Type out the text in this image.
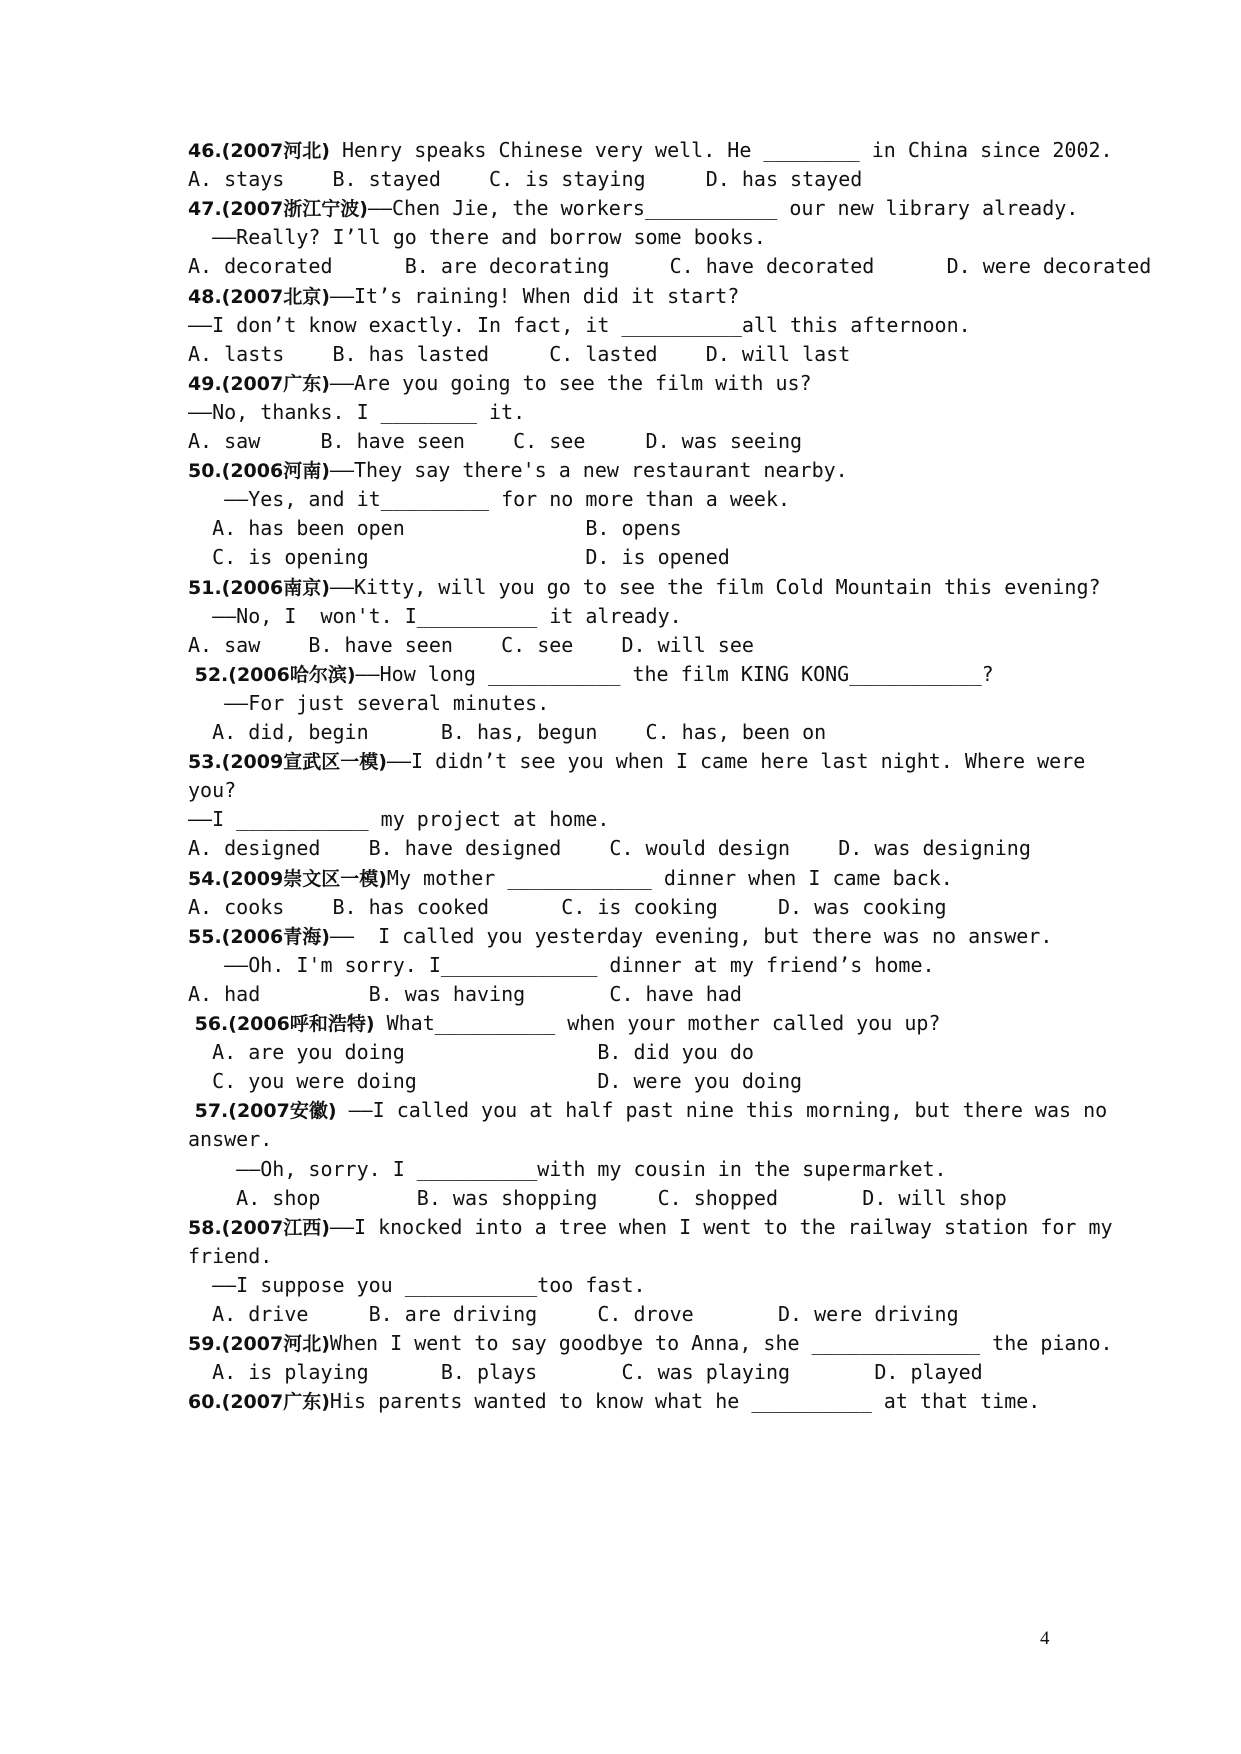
46.(2007河北) Henry speaks Chinese very well. He ________ in China since 2002.
A. stays    B. stayed    C. is staying     D. has stayed
47.(2007浙江宁波)——Chen Jie, the workers___________ our new library already.
——Really? I’ll go there and borrow some books.
A. decorated      B. are decorating     C. have decorated      D. were decorated
48.(2007北京)——It’s raining! When did it start?
——I don’t know exactly. In fact, it __________all this afternoon.
A. lasts    B. has lasted     C. lasted    D. will last
49.(2007广东)——Are you going to see the film with us?
——No, thanks. I ________ it.
A. saw     B. have seen    C. see     D. was seeing
50.(2006河南)——They say there's a new restaurant nearby.
——Yes, and it_________ for no more than a week.
A. has been open               B. opens
C. is opening                  D. is opened
51.(2006南京)——Kitty, will you go to see the film Cold Mountain this evening?
——No, I  won't. I__________ it already.
A. saw    B. have seen    C. see    D. will see
52.(2006哈尔滨)——How long ___________ the film KING KONG___________?
——For just several minutes.
A. did, begin      B. has, begun    C. has, been on
53.(2009宣武区一模)——I didn’t see you when I came here last night. Where were
you?
——I ___________ my project at home.
A. designed    B. have designed    C. would design    D. was designing
54.(2009崇文区一模)My mother ____________ dinner when I came back.
A. cooks    B. has cooked      C. is cooking     D. was cooking
55.(2006青海)——  I called you yesterday evening, but there was no answer.
——Oh. I'm sorry. I_____________ dinner at my friend’s home.
A. had         B. was having       C. have had
56.(2006呼和浩特) What__________ when your mother called you up?
A. are you doing                B. did you do
C. you were doing               D. were you doing
57.(2007安徽) ——I called you at half past nine this morning, but there was no
answer.
——Oh, sorry. I __________with my cousin in the supermarket.
A. shop        B. was shopping     C. shopped       D. will shop
58.(2007江西)——I knocked into a tree when I went to the railway station for my
friend.
——I suppose you ___________too fast.
A. drive     B. are driving     C. drove       D. were driving
59.(2007河北)When I went to say goodbye to Anna, she ______________ the piano.
A. is playing      B. plays       C. was playing       D. played
60.(2007广东)His parents wanted to know what he __________ at that time.
4
